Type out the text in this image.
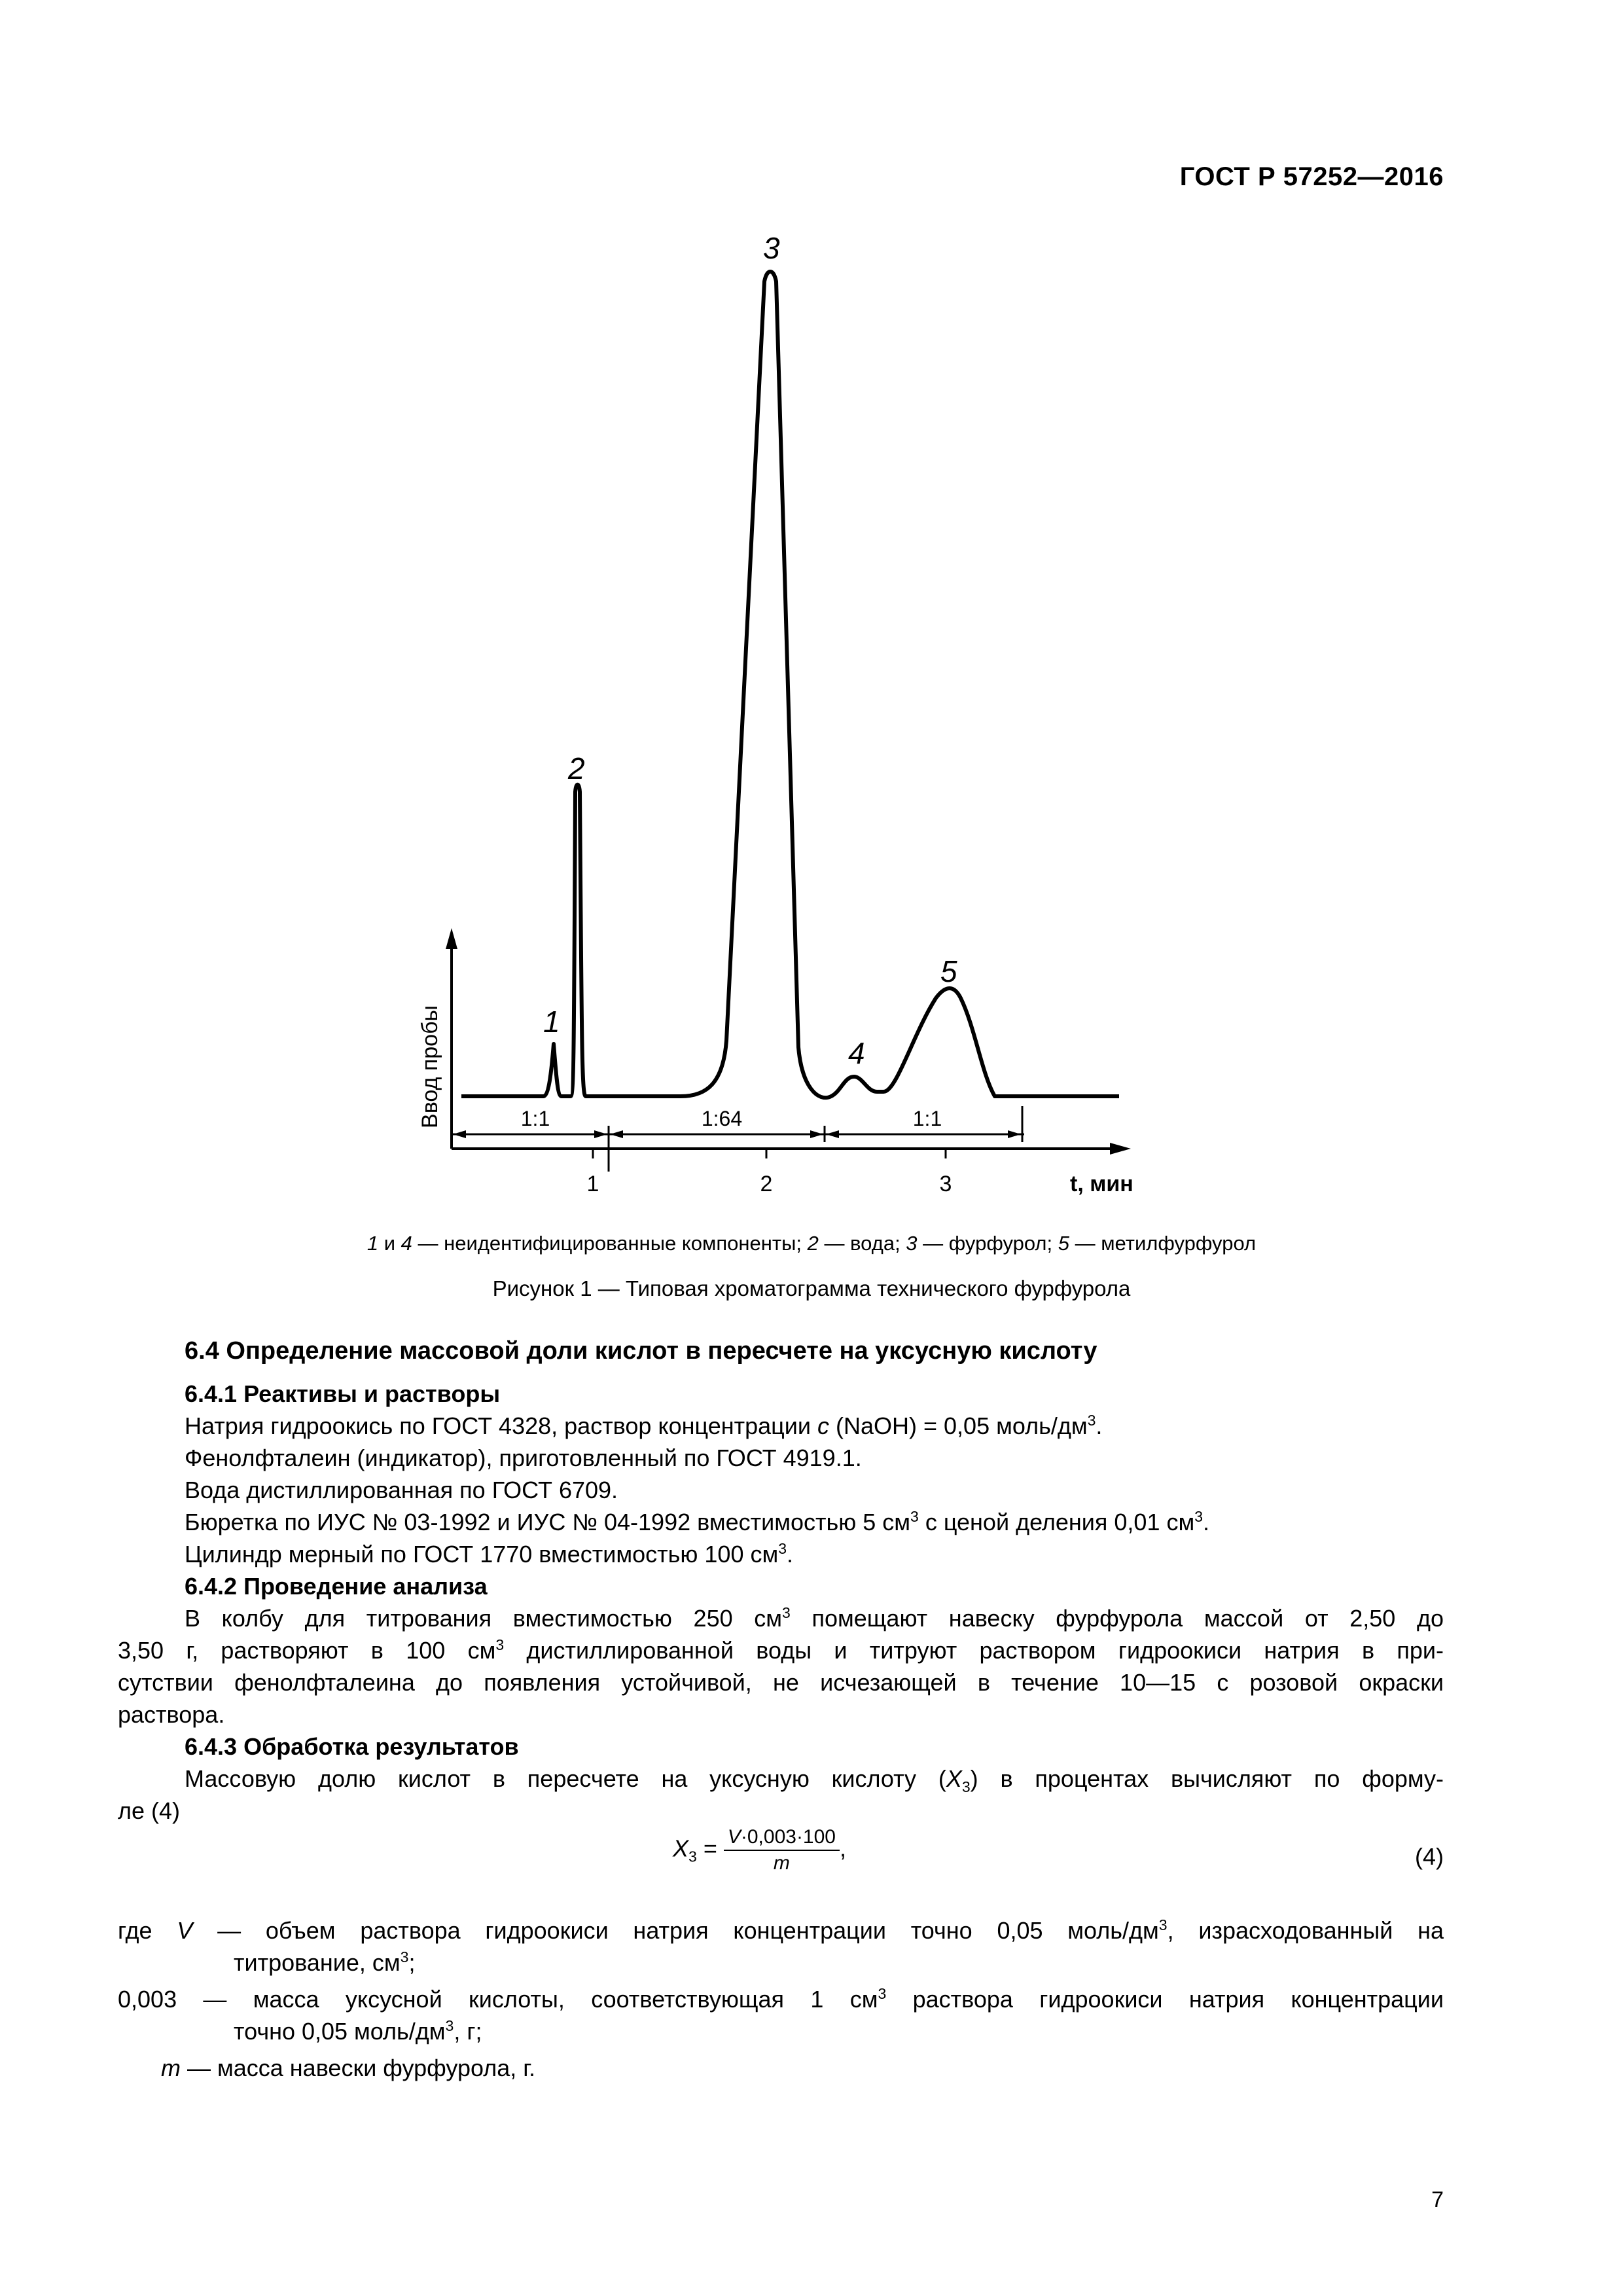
ГОСТ Р 57252—2016
1
2
3
4
5
Ввод пробы	1:1	1:64	1:1
1	2	3	t, мин
1 и 4 — неидентифицированные компоненты; 2 — вода; 3 — фурфурол; 5 — метилфурфурол
Рисунок 1 — Типовая хроматограмма технического фурфурола
6.4 Определение массовой доли кислот в пересчете на уксусную кислоту
6.4.1 Реактивы и растворы
Натрия гидроокись по ГОСТ 4328, раствор концентрации c (NaOH) = 0,05 моль/$дм^3$.
Фенолфталеин (индикатор), приготовленный по ГОСТ 4919.1.
Вода дистиллированная по ГОСТ 6709.
Бюретка по ИУС № 03-1992 и ИУС № 04-1992 вместимостью 5 $см^3$ с ценой деления 0,01 $см^3$.
Цилиндр мерный по ГОСТ 1770 вместимостью 100 $см^3$.
6.4.2 Проведение анализа
В колбу для титрования вместимостью 250 $см^3$ помещают навеску фурфурола массой от 2,50 до
3,50 г, растворяют в 100 $см^3$ дистиллированной воды и титруют раствором гидроокиси натрия в при-
сутствии фенолфталеина до появления устойчивой, не исчезающей в течение 10—15 с розовой окраски
раствора.
6.4.3 Обработка результатов
Массовую долю кислот в пересчете на уксусную кислоту $(X_3)$ в процентах вычисляют по форму-
ле (4)
$X_3 = \frac{V\cdot 0,003\cdot 100}{m}$ ,	(4)
где V — объем раствора гидроокиси натрия концентрации точно 0,05 моль/$дм^3$, израсходованный на
титрование, $см^3$;
0,003 — масса уксусной кислоты, соответствующая 1 $см^3$ раствора гидроокиси натрия концентрации
точно 0,05 моль/$дм^3$, г;
m — масса навески фурфурола, г.
7
